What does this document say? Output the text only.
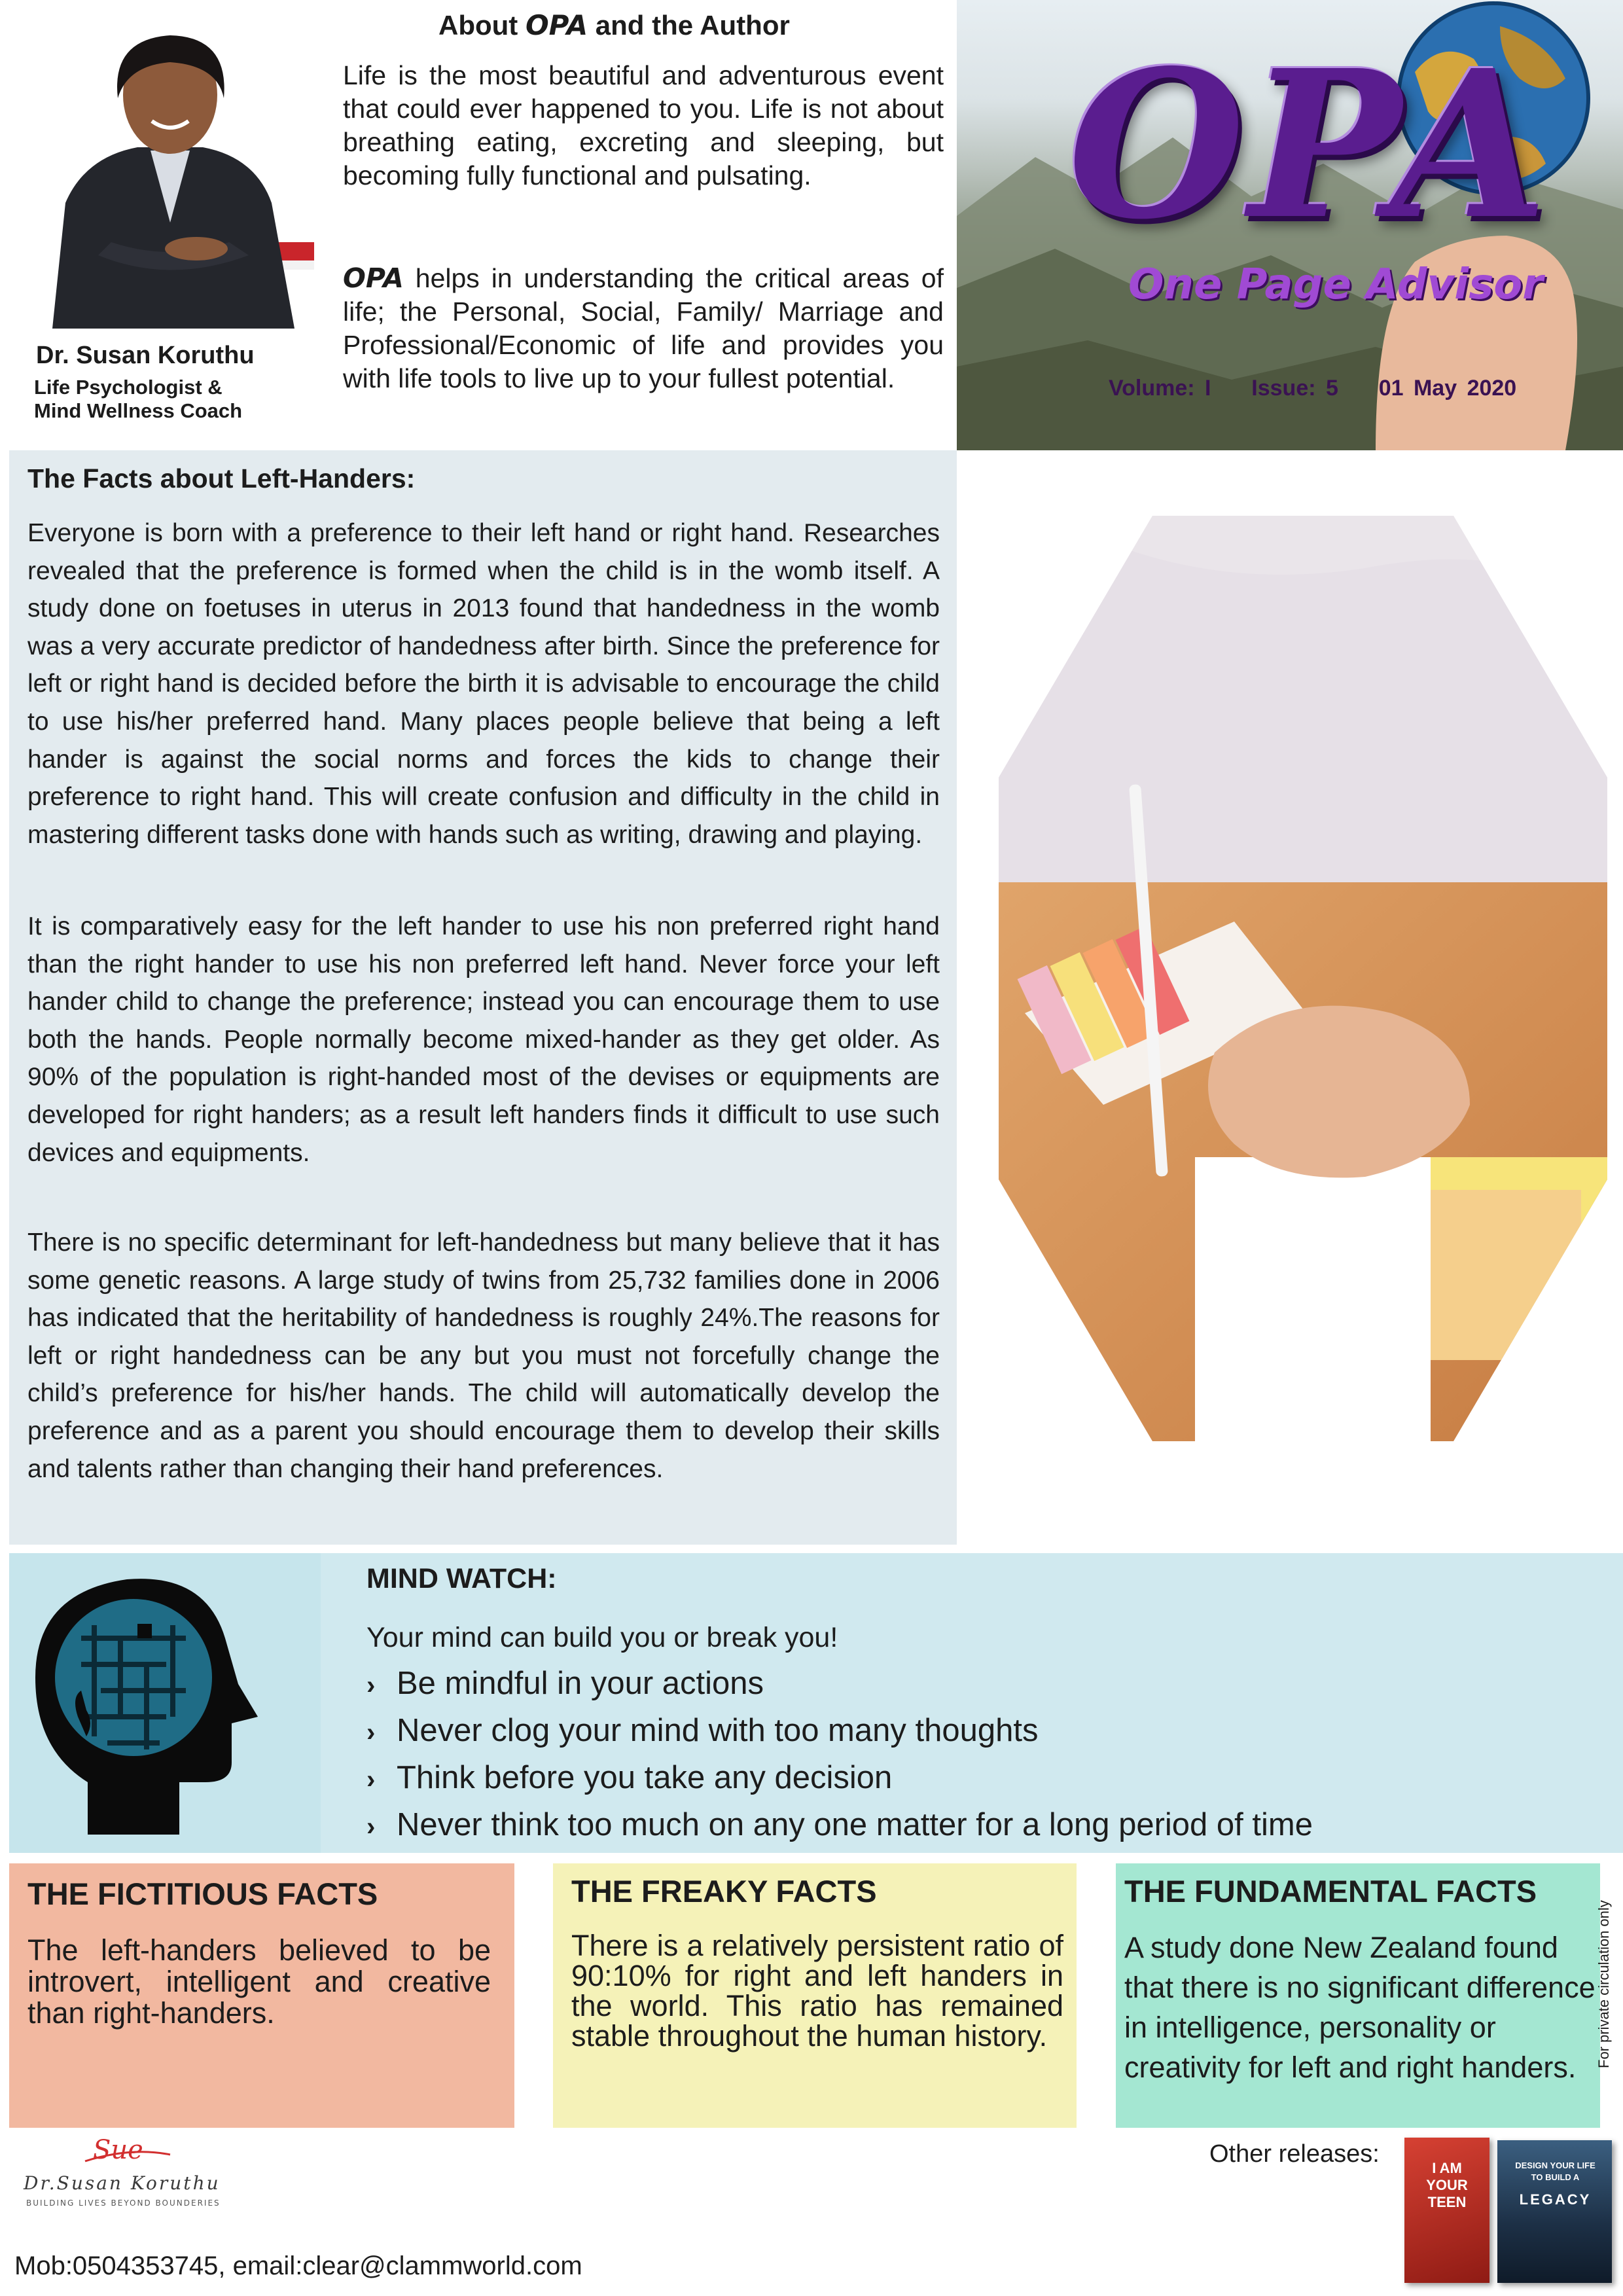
Dr. Susan Koruthu
Life Psychologist &
Mind Wellness Coach
About OPA and the Author
Life is the most beautiful and adventurous event that could ever happened to you. Life is not about breathing eating, excreting and sleeping, but becoming fully functional and pulsating.
OPA helps in understanding the critical areas of life; the Personal, Social, Family/ Marriage and Professional/Economic of life and provides you with life tools to live up to your fullest potential.
OPA
One Page Advisor
Volume: I Issue: 5 01 May 2020
The Facts about Left-Handers:
Everyone is born with a preference to their left hand or right hand. Researches revealed that the preference is formed when the child is in the womb itself. A study done on foetuses in uterus in 2013 found that handedness in the womb was a very accurate predictor of handedness after birth. Since the preference for left or right hand is decided before the birth it is advisable to encourage the child to use his/her preferred hand. Many places people believe that being a left hander is against the social norms and forces the kids to change their preference to right hand. This will create confusion and difficulty in the child in mastering different tasks done with hands such as writing, drawing and playing.
It is comparatively easy for the left hander to use his non preferred right hand than the right hander to use his non preferred left hand. Never force your left hander child to change the preference; instead you can encourage them to use both the hands. People normally become mixed-hander as they get older. As 90% of the population is right-handed most of the devises or equipments are developed for right handers; as a result left handers finds it difficult to use such devices and equipments.
There is no specific determinant for left-handedness but many believe that it has some genetic reasons. A large study of twins from 25,732 families done in 2006 has indicated that the heritability of handedness is roughly 24%.The reasons for left or right handedness can be any but you must not forcefully change the child’s preference for his/her hands. The child will automatically develop the preference and as a parent you should encourage them to develop their skills and talents rather than changing their hand preferences.
MIND WATCH:
Your mind can build you or break you!
› Be mindful in your actions
› Never clog your mind with too many thoughts
› Think before you take any decision
› Never think too much on any one matter for a long period of time
THE FICTITIOUS FACTS
The left-handers believed to be introvert, intelligent and creative than right-handers.
THE FREAKY FACTS
There is a relatively persistent ratio of 90:10% for right and left handers in the world. This ratio has remained stable throughout the human history.
THE FUNDAMENTAL FACTS
A study done New Zealand found that there is no significant difference in intelligence, personality or creativity for left and right handers.	For private circulation only
Other releases:
I AM
YOUR TEEN
DESIGN YOUR LIFE
TO BUILD A
LEGACY
Sue
Dr.Susan Koruthu
BUILDING LIVES BEYOND BOUNDERIES
Mob:0504353745, email:clear@clammworld.com
